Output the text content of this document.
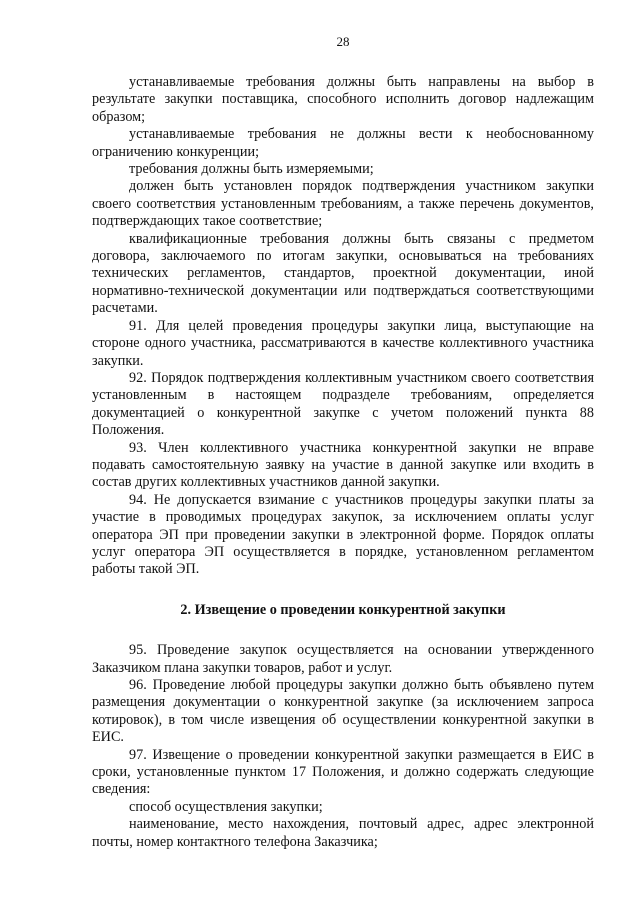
28

устанавливаемые требования должны быть направлены на выбор в результате закупки поставщика, способного исполнить договор надлежащим образом;

устанавливаемые требования не должны вести к необоснованному ограничению конкуренции;

требования должны быть измеряемыми;

должен быть установлен порядок подтверждения участником закупки своего соответствия установленным требованиям, а также перечень документов, подтверждающих такое соответствие;

квалификационные требования должны быть связаны с предметом договора, заключаемого по итогам закупки, основываться на требованиях технических регламентов, стандартов, проектной документации, иной нормативно-технической документации или подтверждаться соответствующими расчетами.

91. Для целей проведения процедуры закупки лица, выступающие на стороне одного участника, рассматриваются в качестве коллективного участника закупки.

92. Порядок подтверждения коллективным участником своего соответствия установленным в настоящем подразделе требованиям, определяется документацией о конкурентной закупке с учетом положений пункта 88 Положения.

93. Член коллективного участника конкурентной закупки не вправе подавать самостоятельную заявку на участие в данной закупке или входить в состав других коллективных участников данной закупки.

94. Не допускается взимание с участников процедуры закупки платы за участие в проводимых процедурах закупок, за исключением оплаты услуг оператора ЭП при проведении закупки в электронной форме. Порядок оплаты услуг оператора ЭП осуществляется в порядке, установленном регламентом работы такой ЭП.

2. Извещение о проведении конкурентной закупки

95. Проведение закупок осуществляется на основании утвержденного Заказчиком плана закупки товаров, работ и услуг.

96. Проведение любой процедуры закупки должно быть объявлено путем размещения документации о конкурентной закупке (за исключением запроса котировок), в том числе извещения об осуществлении конкурентной закупки в ЕИС.

97. Извещение о проведении конкурентной закупки размещается в ЕИС в сроки, установленные пунктом 17 Положения, и должно содержать следующие сведения:

способ осуществления закупки;

наименование, место нахождения, почтовый адрес, адрес электронной почты, номер контактного телефона Заказчика;
